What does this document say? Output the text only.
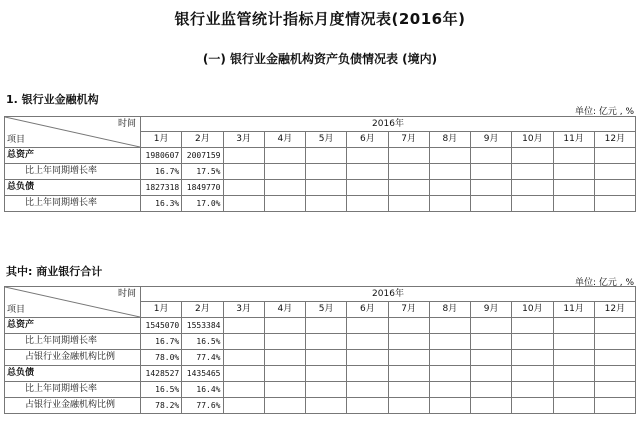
银行业监管统计指标月度情况表(2016年)
(一) 银行业金融机构资产负债情况表 (境内)
1. 银行业金融机构
单位: 亿元 , %
时间
项目	2016年											
	1月	2月	3月	4月	5月	6月	7月	8月	9月	10月	11月	12月
总资产	1980607	2007159										
比上年同期增长率	16.7%	17.5%										
总负债	1827318	1849770										
比上年同期增长率	16.3%	17.0%										
其中: 商业银行合计
单位: 亿元 , %
时间
项目	2016年											
	1月	2月	3月	4月	5月	6月	7月	8月	9月	10月	11月	12月
总资产	1545070	1553384										
比上年同期增长率	16.7%	16.5%										
占银行业金融机构比例	78.0%	77.4%										
总负债	1428527	1435465										
比上年同期增长率	16.5%	16.4%										
占银行业金融机构比例	78.2%	77.6%										
